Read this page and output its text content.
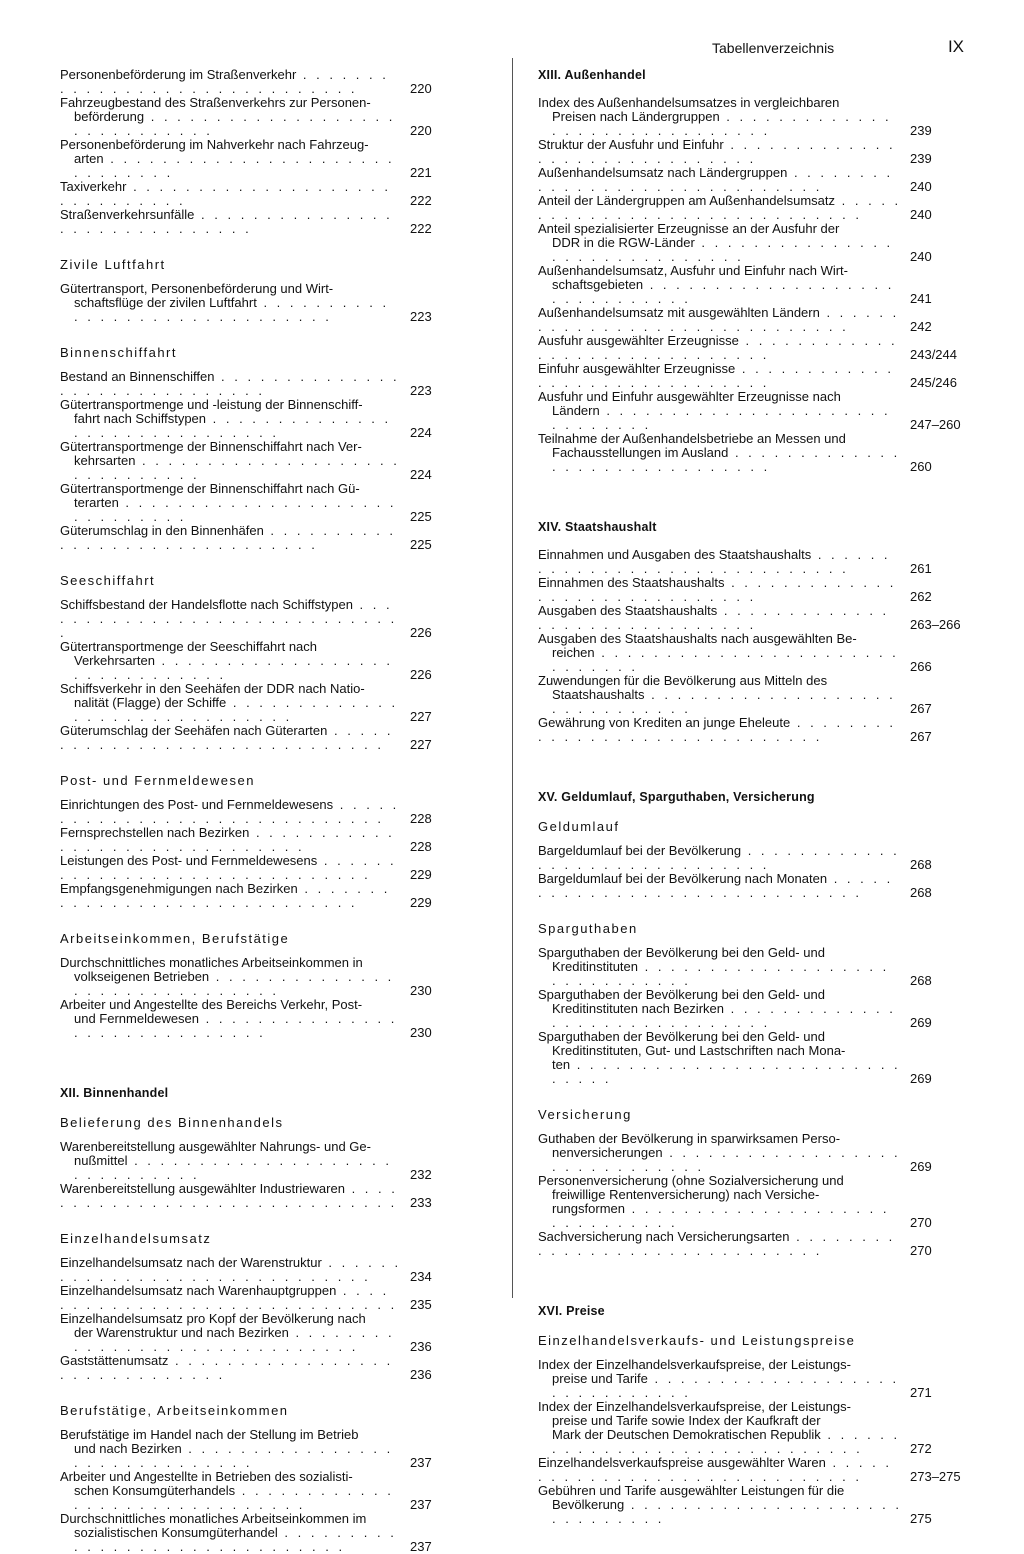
Tabellenverzeichnis	IX
Personenbeförderung im Straßenverkehr . . . . . . . . . . . . . . . . . . . . . . . . . . . . . .	220
Fahrzeugbestand des Straßenverkehrs zur Personen-
beförderung . . . . . . . . . . . . . . . . . . . . . . . . . . . . . .	220
Personenbeförderung im Nahverkehr nach Fahrzeug-
arten . . . . . . . . . . . . . . . . . . . . . . . . . . . . . .	221
Taxiverkehr . . . . . . . . . . . . . . . . . . . . . . . . . . . . . .	222
Straßenverkehrsunfälle . . . . . . . . . . . . . . . . . . . . . . . . . . . . . .	222
Zivile Luftfahrt
Gütertransport, Personenbeförderung und Wirt-
schaftsflüge der zivilen Luftfahrt . . . . . . . . . . . . . . . . . . . . . . . . . . . . . .	223
Binnenschiffahrt
Bestand an Binnenschiffen . . . . . . . . . . . . . . . . . . . . . . . . . . . . . .	223
Gütertransportmenge und -leistung der Binnenschiff-
fahrt nach Schiffstypen . . . . . . . . . . . . . . . . . . . . . . . . . . . . . .	224
Gütertransportmenge der Binnenschiffahrt nach Ver-
kehrsarten . . . . . . . . . . . . . . . . . . . . . . . . . . . . . .	224
Gütertransportmenge der Binnenschiffahrt nach Gü-
terarten . . . . . . . . . . . . . . . . . . . . . . . . . . . . . .	225
Güterumschlag in den Binnenhäfen . . . . . . . . . . . . . . . . . . . . . . . . . . . . . .	225
Seeschiffahrt
Schiffsbestand der Handelsflotte nach Schiffstypen . . . . . . . . . . . . . . . . . . . . . . . . . . . . . .	226
Gütertransportmenge der Seeschiffahrt nach
Verkehrsarten . . . . . . . . . . . . . . . . . . . . . . . . . . . . . .	226
Schiffsverkehr in den Seehäfen der DDR nach Natio-
nalität (Flagge) der Schiffe . . . . . . . . . . . . . . . . . . . . . . . . . . . . . .	227
Güterumschlag der Seehäfen nach Güterarten . . . . . . . . . . . . . . . . . . . . . . . . . . . . . .	227
Post- und Fernmeldewesen
Einrichtungen des Post- und Fernmeldewesens . . . . . . . . . . . . . . . . . . . . . . . . . . . . . .	228
Fernsprechstellen nach Bezirken . . . . . . . . . . . . . . . . . . . . . . . . . . . . . .	228
Leistungen des Post- und Fernmeldewesens . . . . . . . . . . . . . . . . . . . . . . . . . . . . . .	229
Empfangsgenehmigungen nach Bezirken . . . . . . . . . . . . . . . . . . . . . . . . . . . . . .	229
Arbeitseinkommen, Berufstätige
Durchschnittliches monatliches Arbeitseinkommen in
volkseigenen Betrieben . . . . . . . . . . . . . . . . . . . . . . . . . . . . . .	230
Arbeiter und Angestellte des Bereichs Verkehr, Post-
und Fernmeldewesen . . . . . . . . . . . . . . . . . . . . . . . . . . . . . .	230
XII. Binnenhandel
Belieferung des Binnenhandels
Warenbereitstellung ausgewählter Nahrungs- und Ge-
nußmittel . . . . . . . . . . . . . . . . . . . . . . . . . . . . . .	232
Warenbereitstellung ausgewählter Industriewaren . . . . . . . . . . . . . . . . . . . . . . . . . . . . . . 233
Einzelhandelsumsatz
Einzelhandelsumsatz nach der Warenstruktur . . . . . . . . . . . . . . . . . . . . . . . . . . . . . .	234
Einzelhandelsumsatz nach Warenhauptgruppen . . . . . . . . . . . . . . . . . . . . . . . . . . . . . . 235
Einzelhandelsumsatz pro Kopf der Bevölkerung nach
der Warenstruktur und nach Bezirken . . . . . . . . . . . . . . . . . . . . . . . . . . . . . .	236
Gaststättenumsatz . . . . . . . . . . . . . . . . . . . . . . . . . . . . . .	236
Berufstätige, Arbeitseinkommen
Berufstätige im Handel nach der Stellung im Betrieb
und nach Bezirken . . . . . . . . . . . . . . . . . . . . . . . . . . . . . .	237
Arbeiter und Angestellte in Betrieben des sozialisti-
schen Konsumgüterhandels . . . . . . . . . . . . . . . . . . . . . . . . . . . . . .	237
Durchschnittliches monatliches Arbeitseinkommen im
sozialistischen Konsumgüterhandel . . . . . . . . . . . . . . . . . . . . . . . . . . . . . .	237
XIII. Außenhandel
Index des Außenhandelsumsatzes in vergleichbaren
Preisen nach Ländergruppen . . . . . . . . . . . . . . . . . . . . . . . . . . . . . .	239
Struktur der Ausfuhr und Einfuhr . . . . . . . . . . . . . . . . . . . . . . . . . . . . . .	239
Außenhandelsumsatz nach Ländergruppen . . . . . . . . . . . . . . . . . . . . . . . . . . . . . .	240
Anteil der Ländergruppen am Außenhandelsumsatz . . . . . . . . . . . . . . . . . . . . . . . . . . . . . .	240
Anteil spezialisierter Erzeugnisse an der Ausfuhr der
DDR in die RGW-Länder . . . . . . . . . . . . . . . . . . . . . . . . . . . . . .	240
Außenhandelsumsatz, Ausfuhr und Einfuhr nach Wirt-
schaftsgebieten . . . . . . . . . . . . . . . . . . . . . . . . . . . . . .	241
Außenhandelsumsatz mit ausgewählten Ländern . . . . . . . . . . . . . . . . . . . . . . . . . . . . . .	242
Ausfuhr ausgewählter Erzeugnisse . . . . . . . . . . . . . . . . . . . . . . . . . . . . . .	243/244
Einfuhr ausgewählter Erzeugnisse . . . . . . . . . . . . . . . . . . . . . . . . . . . . . .	245/246
Ausfuhr und Einfuhr ausgewählter Erzeugnisse nach
Ländern . . . . . . . . . . . . . . . . . . . . . . . . . . . . . .	247–260
Teilnahme der Außenhandelsbetriebe an Messen und
Fachausstellungen im Ausland . . . . . . . . . . . . . . . . . . . . . . . . . . . . . .	260
XIV. Staatshaushalt
Einnahmen und Ausgaben des Staatshaushalts . . . . . . . . . . . . . . . . . . . . . . . . . . . . . .	261
Einnahmen des Staatshaushalts . . . . . . . . . . . . . . . . . . . . . . . . . . . . . .	262
Ausgaben des Staatshaushalts . . . . . . . . . . . . . . . . . . . . . . . . . . . . . .	263–266
Ausgaben des Staatshaushalts nach ausgewählten Be-
reichen . . . . . . . . . . . . . . . . . . . . . . . . . . . . . .	266
Zuwendungen für die Bevölkerung aus Mitteln des
Staatshaushalts . . . . . . . . . . . . . . . . . . . . . . . . . . . . . .	267
Gewährung von Krediten an junge Eheleute . . . . . . . . . . . . . . . . . . . . . . . . . . . . . .	267
XV. Geldumlauf, Sparguthaben, Versicherung
Geldumlauf
Bargeldumlauf bei der Bevölkerung . . . . . . . . . . . . . . . . . . . . . . . . . . . . . .	268
Bargeldumlauf bei der Bevölkerung nach Monaten . . . . . . . . . . . . . . . . . . . . . . . . . . . . . .	268
Sparguthaben
Sparguthaben der Bevölkerung bei den Geld- und
Kreditinstituten . . . . . . . . . . . . . . . . . . . . . . . . . . . . . .	268
Sparguthaben der Bevölkerung bei den Geld- und
Kreditinstituten nach Bezirken . . . . . . . . . . . . . . . . . . . . . . . . . . . . . .	269
Sparguthaben der Bevölkerung bei den Geld- und
Kreditinstituten, Gut- und Lastschriften nach Mona-
ten . . . . . . . . . . . . . . . . . . . . . . . . . . . . . .	269
Versicherung
Guthaben der Bevölkerung in sparwirksamen Perso-
nenversicherungen . . . . . . . . . . . . . . . . . . . . . . . . . . . . . .	269
Personenversicherung (ohne Sozialversicherung und
freiwillige Rentenversicherung) nach Versiche-
rungsformen . . . . . . . . . . . . . . . . . . . . . . . . . . . . . .	270
Sachversicherung nach Versicherungsarten . . . . . . . . . . . . . . . . . . . . . . . . . . . . . .	270
XVI. Preise
Einzelhandelsverkaufs- und Leistungspreise
Index der Einzelhandelsverkaufspreise, der Leistungs-
preise und Tarife . . . . . . . . . . . . . . . . . . . . . . . . . . . . . .	271
Index der Einzelhandelsverkaufspreise, der Leistungs-
preise und Tarife sowie Index der Kaufkraft der
Mark der Deutschen Demokratischen Republik . . . . . . . . . . . . . . . . . . . . . . . . . . . . . .	272
Einzelhandelsverkaufspreise ausgewählter Waren . . . . . . . . . . . . . . . . . . . . . . . . . . . . . .	273–275
Gebühren und Tarife ausgewählter Leistungen für die
Bevölkerung . . . . . . . . . . . . . . . . . . . . . . . . . . . . . .	275
